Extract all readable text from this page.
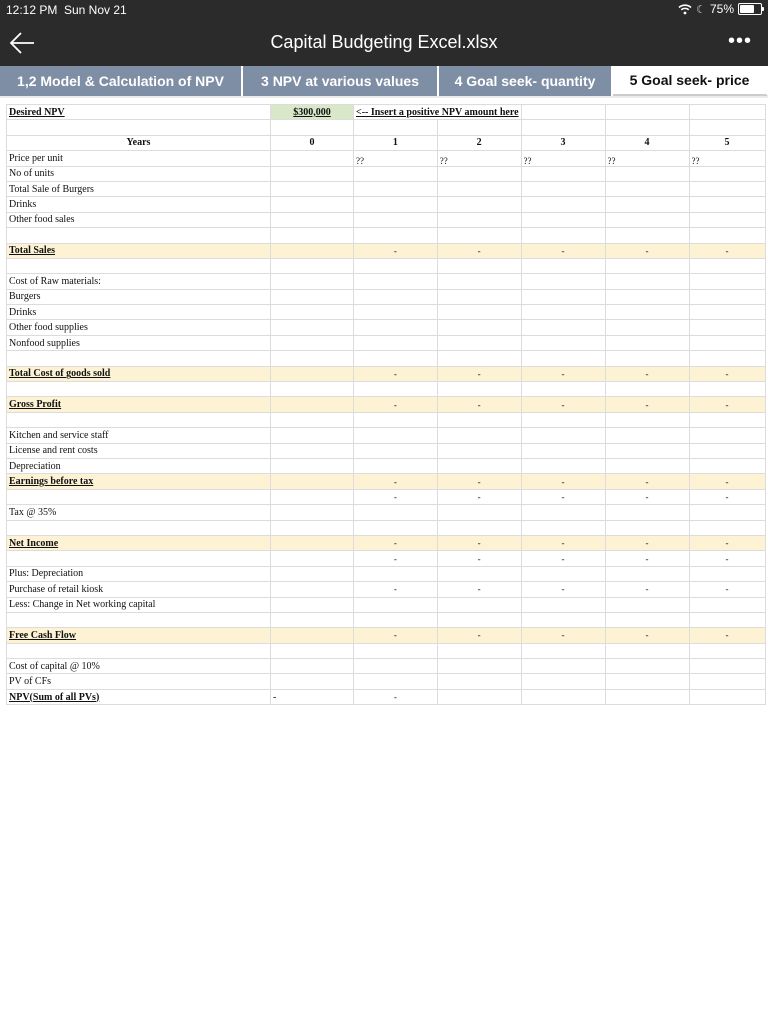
12:12 PM Sun Nov 21	☾ 75%
Capital Budgeting Excel.xlsx	•••
1,2 Model & Calculation of NPV	3 NPV at various values	4 Goal seek- quantity	5 Goal seek- price
Desired NPV	$300,000	<-- Insert a positive NPV amount here				

Years	0	1	2	3	4	5
Price per unit		??	??	??	??	??
No of units						
Total Sale of Burgers						
Drinks						
Other food sales						

Total Sales		-	-	-	-	-

Cost of Raw materials:						
Burgers						
Drinks						
Other food supplies						
Nonfood supplies						

Total Cost of goods sold		-	-	-	-	-

Gross Profit		-	-	-	-	-

Kitchen and service staff						
License and rent costs						
Depreciation						
Earnings before tax		-	-	-	-	-
		-	-	-	-	-
Tax @ 35%						

Net Income		-	-	-	-	-
		-	-	-	-	-
Plus: Depreciation						
Purchase of retail kiosk		-	-	-	-	-
Less: Change in Net working capital						

Free Cash Flow		-	-	-	-	-

Cost of capital @ 10%						
PV of CFs						
NPV(Sum of all PVs)	-	-				
